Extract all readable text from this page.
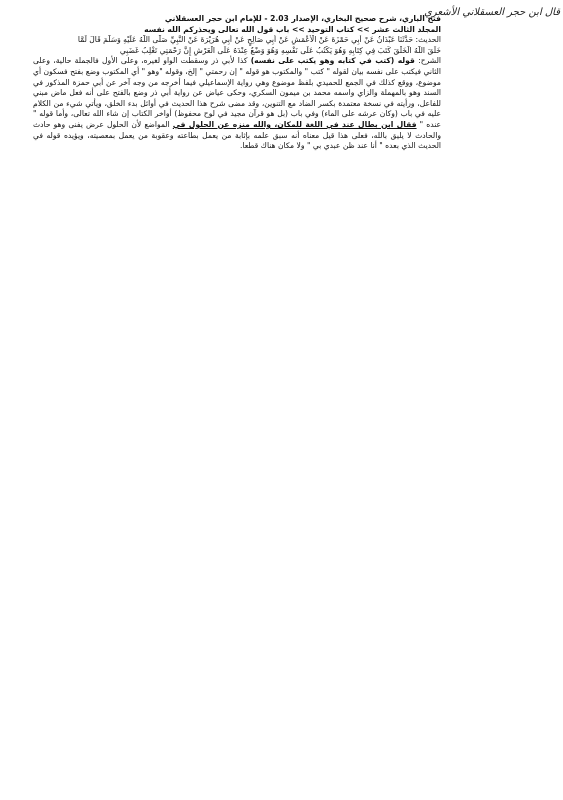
قال ابن حجر العسقلاني الأشعري

فتح الباري، شرح صحيح البخاري، الإصدار 2.03 - للإمام ابن حجر العسقلاني

المجلد الثالث عشر >> كتاب التوحيد >> باب قول الله تعالى ويحذركم الله نفسه

الحديث: حَدَّثَنَا عَبْدَانُ عَنْ أَبِي حَمْزَةَ عَنْ الْأَعْمَشِ عَنْ أَبِي صَالِحٍ عَنْ أَبِي هُرَيْرَةَ عَنْ النَّبِيِّ صَلَّى اللَّهُ عَلَيْهِ وَسَلَّمَ قَالَ لَمَّا

خَلَقَ اللَّهُ الْخَلْقَ كَتَبَ فِي كِتَابِهِ وَهُوَ يَكْتُبُ عَلَى نَفْسِهِ وَهُوَ وَضْعٌ عِنْدَهُ عَلَى الْعَرْشِ إِنَّ رَحْمَتِي تَغْلِبُ غَضَبِي

الشرح: قوله (كتب في كتابه وهو يكتب على نفسه) كذا لأبي ذر وسقطت الواو لغيره، وعلى الأول فالجملة حالية، وعلى الثاني فيكتب على نفسه بيان لقوله " كتب " والمكتوب هو قوله " إن رحمتي " إلخ، وقوله "وهو " أي المكتوب وضع بفتح فسكون أي موضوع، ووقع كذلك في الجمع للحميدي بلفظ موضوع وهي رواية الإسماعيلي فيما أخرجه من وجه آخر عن أبي حمزة المذكور في السند وهو بالمهملة والزاي واسمه محمد بن ميمون السكري، وحكى عياض عن رواية أبي ذر وضع بالفتح على أنه فعل ماض مبني للفاعل، ورأيته في نسخة معتمدة بكسر الضاد مع التنوين، وقد مضى شرح هذا الحديث في أوائل بدء الخلق، ويأتي شيء من الكلام عليه في باب (وكان عرشه على الماء) وفي باب (بل هو قرآن مجيد في لوح محفوظ) أواخر الكتاب إن شاء الله تعالى، وأما قوله " عنده " فقال ابن بطال عند في اللغة للمكان، والله منزه عن الحلول في المواضع لأن الحلول عرض يفنى وهو حادث والحادث لا يليق بالله، فعلى هذا قيل معناه أنه سبق علمه بإثابة من يعمل بطاعته وعقوبة من يعمل بمعصيته، ويؤيده قوله في الحديث الذي بعده " أنا عند ظن عبدي بي " ولا مكان هناك قطعا.
